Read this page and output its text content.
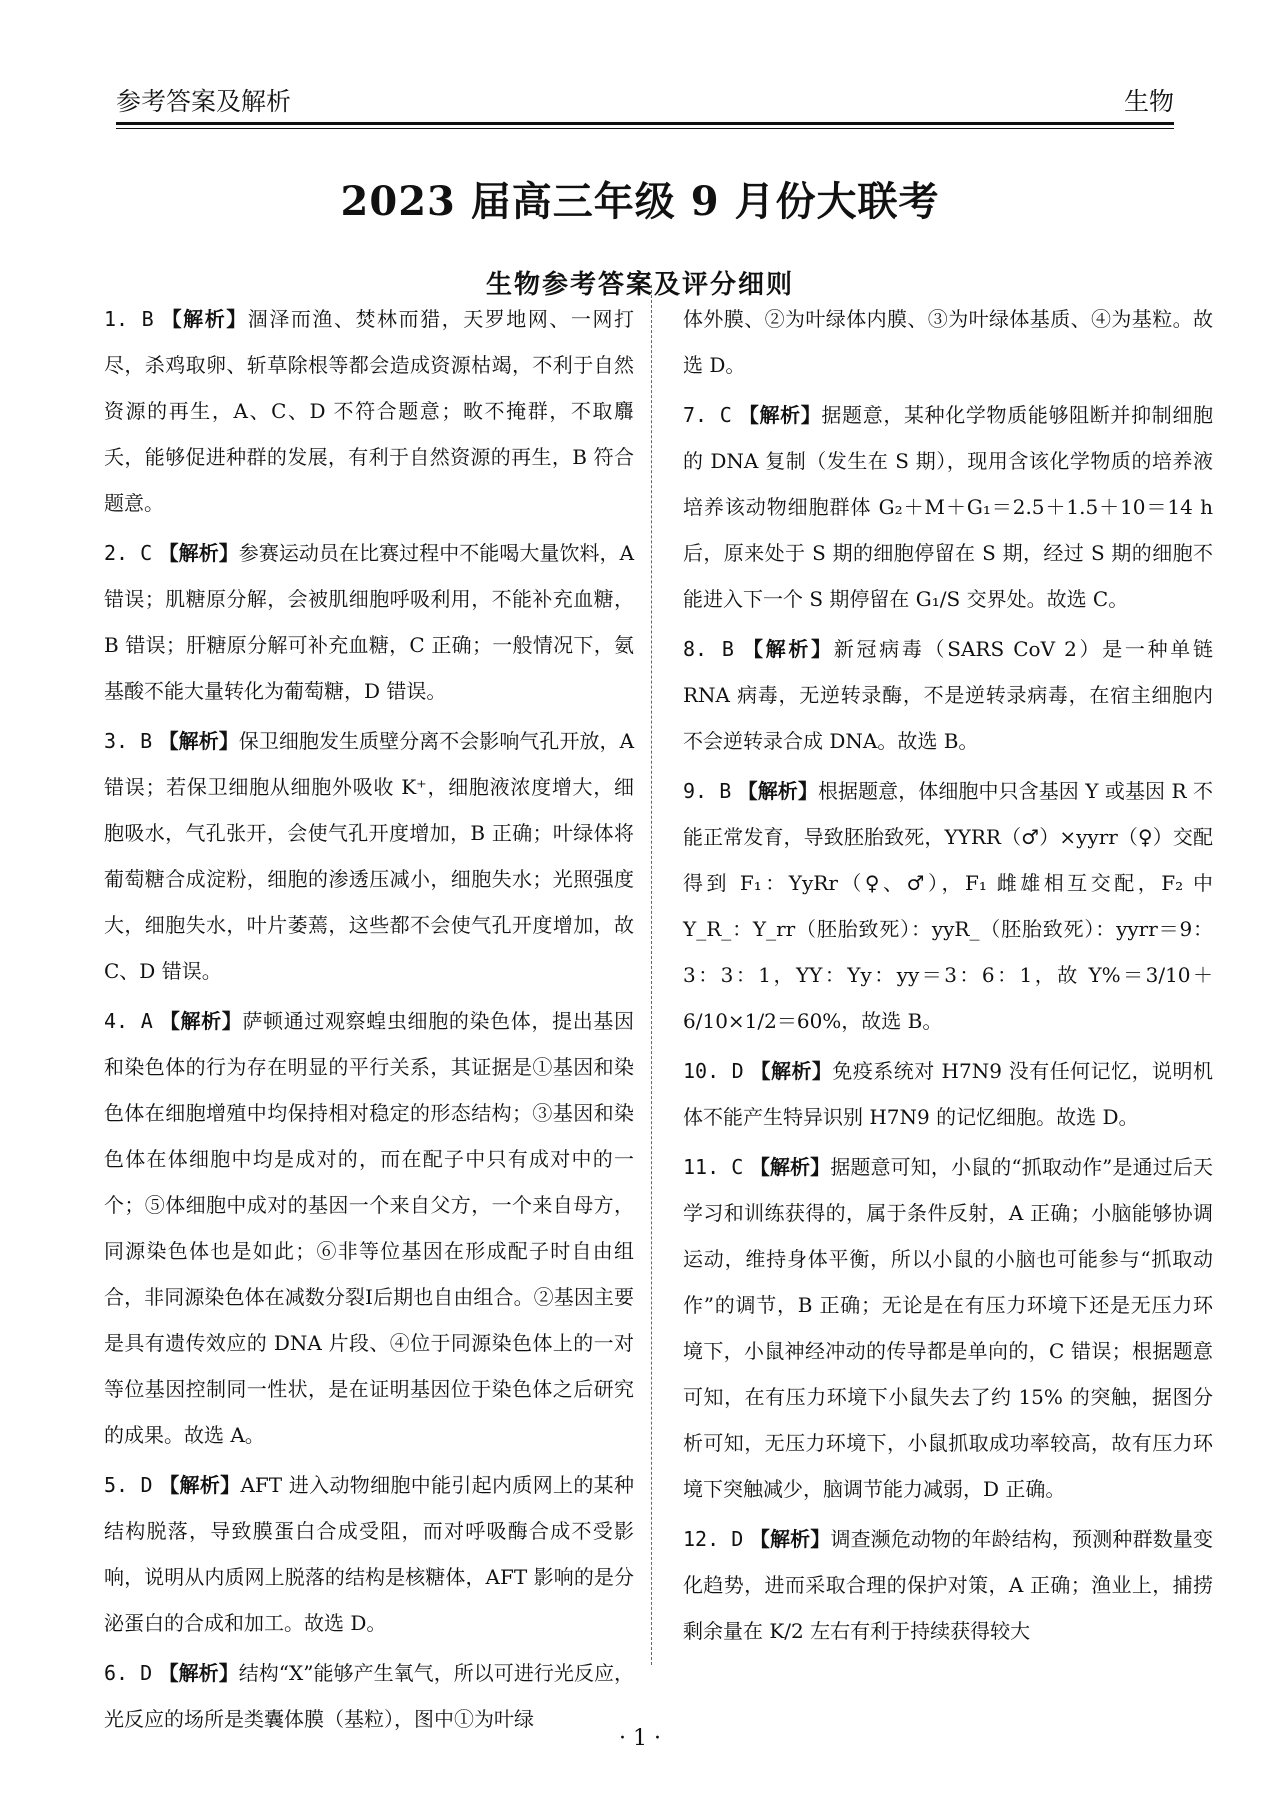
参考答案及解析	生物
2023 届高三年级 9 月份大联考
生物参考答案及评分细则

1. B 【解析】涸泽而渔、焚林而猎，天罗地网、一网打尽，杀鸡取卵、斩草除根等都会造成资源枯竭，不利于自然资源的再生，A、C、D 不符合题意；畋不掩群，不取麛夭，能够促进种群的发展，有利于自然资源的再生，B 符合题意。

2. C 【解析】参赛运动员在比赛过程中不能喝大量饮料，A 错误；肌糖原分解，会被肌细胞呼吸利用，不能补充血糖，B 错误；肝糖原分解可补充血糖，C 正确；一般情况下，氨基酸不能大量转化为葡萄糖，D 错误。

3. B 【解析】保卫细胞发生质壁分离不会影响气孔开放，A 错误；若保卫细胞从细胞外吸收 K⁺，细胞液浓度增大，细胞吸水，气孔张开，会使气孔开度增加，B 正确；叶绿体将葡萄糖合成淀粉，细胞的渗透压减小，细胞失水；光照强度大，细胞失水，叶片萎蔫，这些都不会使气孔开度增加，故 C、D 错误。

4. A 【解析】萨顿通过观察蝗虫细胞的染色体，提出基因和染色体的行为存在明显的平行关系，其证据是①基因和染色体在细胞增殖中均保持相对稳定的形态结构；③基因和染色体在体细胞中均是成对的，而在配子中只有成对中的一个；⑤体细胞中成对的基因一个来自父方，一个来自母方，同源染色体也是如此；⑥非等位基因在形成配子时自由组合，非同源染色体在减数分裂Ⅰ后期也自由组合。②基因主要是具有遗传效应的 DNA 片段、④位于同源染色体上的一对等位基因控制同一性状，是在证明基因位于染色体之后研究的成果。故选 A。

5. D 【解析】AFT 进入动物细胞中能引起内质网上的某种结构脱落，导致膜蛋白合成受阻，而对呼吸酶合成不受影响，说明从内质网上脱落的结构是核糖体，AFT 影响的是分泌蛋白的合成和加工。故选 D。

6. D 【解析】结构“X”能够产生氧气，所以可进行光反应，光反应的场所是类囊体膜（基粒），图中①为叶绿

体外膜、②为叶绿体内膜、③为叶绿体基质、④为基粒。故选 D。

7. C 【解析】据题意，某种化学物质能够阻断并抑制细胞的 DNA 复制（发生在 S 期），现用含该化学物质的培养液培养该动物细胞群体 G₂＋M＋G₁＝2.5＋1.5＋10＝14 h 后，原来处于 S 期的细胞停留在 S 期，经过 S 期的细胞不能进入下一个 S 期停留在 G₁/S 交界处。故选 C。

8. B 【解析】新冠病毒（SARS CoV 2）是一种单链 RNA 病毒，无逆转录酶，不是逆转录病毒，在宿主细胞内不会逆转录合成 DNA。故选 B。

9. B 【解析】根据题意，体细胞中只含基因 Y 或基因 R 不能正常发育，导致胚胎致死，YYRR（♂）×yyrr（♀）交配得到 F₁：YyRr（♀、♂），F₁ 雌雄相互交配，F₂ 中 Y_R_：Y_rr（胚胎致死）：yyR_（胚胎致死）：yyrr＝9：3：3：1，YY：Yy：yy＝3：6：1，故 Y%＝3/10＋6/10×1/2＝60%，故选 B。

10. D 【解析】免疫系统对 H7N9 没有任何记忆，说明机体不能产生特异识别 H7N9 的记忆细胞。故选 D。

11. C 【解析】据题意可知，小鼠的“抓取动作”是通过后天学习和训练获得的，属于条件反射，A 正确；小脑能够协调运动，维持身体平衡，所以小鼠的小脑也可能参与“抓取动作”的调节，B 正确；无论是在有压力环境下还是无压力环境下，小鼠神经冲动的传导都是单向的，C 错误；根据题意可知，在有压力环境下小鼠失去了约 15% 的突触，据图分析可知，无压力环境下，小鼠抓取成功率较高，故有压力环境下突触减少，脑调节能力减弱，D 正确。

12. D 【解析】调查濒危动物的年龄结构，预测种群数量变化趋势，进而采取合理的保护对策，A 正确；渔业上，捕捞剩余量在 K/2 左右有利于持续获得较大

· 1 ·
